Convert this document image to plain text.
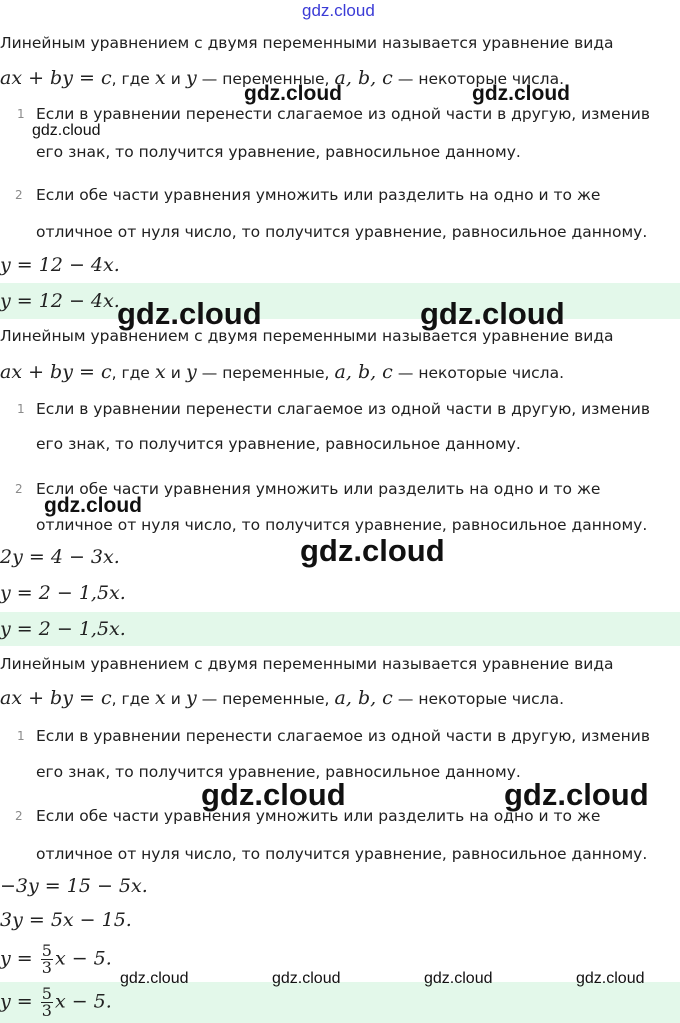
Линейным уравнением с двумя переменными называется уравнение вида
ax + by = c, где x и y — переменные, a, b, c — некоторые числа.
1 Если в уравнении перенести слагаемое из одной части в другую, изменив
его знак, то получится уравнение, равносильное данному.
2 Если обе части уравнения умножить или разделить на одно и то же
отличное от нуля число, то получится уравнение, равносильное данному.
y = 12 − 4x.
y = 12 − 4x.
Линейным уравнением с двумя переменными называется уравнение вида
ax + by = c, где x и y — переменные, a, b, c — некоторые числа.
1 Если в уравнении перенести слагаемое из одной части в другую, изменив
его знак, то получится уравнение, равносильное данному.
2 Если обе части уравнения умножить или разделить на одно и то же
отличное от нуля число, то получится уравнение, равносильное данному.
2y = 4 − 3x.
y = 2 − 1,5x.
y = 2 − 1,5x.
Линейным уравнением с двумя переменными называется уравнение вида
ax + by = c, где x и y — переменные, a, b, c — некоторые числа.
1 Если в уравнении перенести слагаемое из одной части в другую, изменив
его знак, то получится уравнение, равносильное данному.
2 Если обе части уравнения умножить или разделить на одно и то же
отличное от нуля число, то получится уравнение, равносильное данному.
−3y = 15 − 5x.
3y = 5x − 15.
$y = \frac{5}{3}$ x − 5.
$y = \frac{5}{3}$ x − 5.
gdz.cloud
gdz.cloud	gdz.cloud
gdz.cloud
gdz.cloud	gdz.cloud
gdz.cloud
gdz.cloud
gdz.cloud	gdz.cloud
gdz.cloud	gdz.cloud	gdz.cloud	gdz.cloud
